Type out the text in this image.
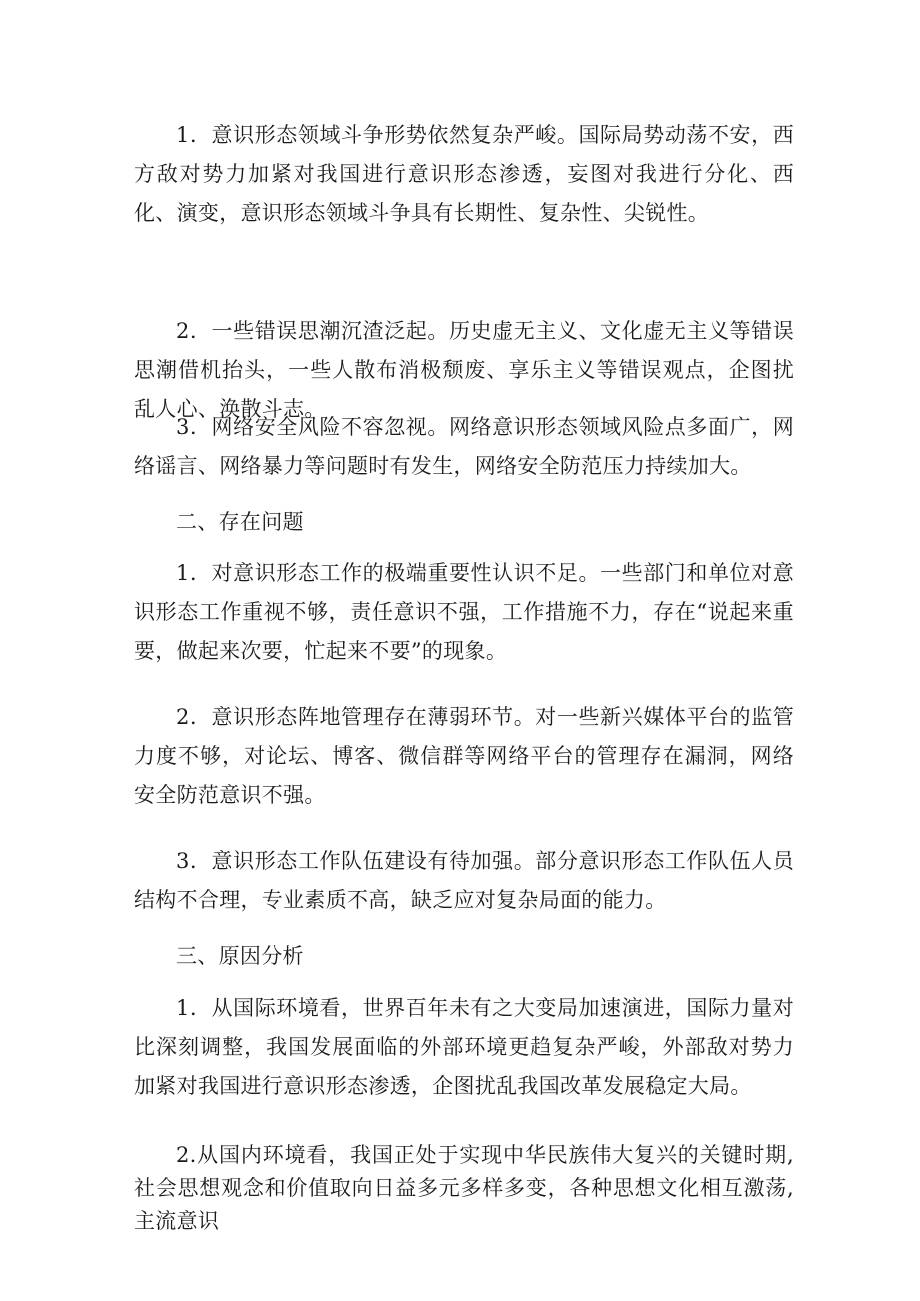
1．意识形态领域斗争形势依然复杂严峻。国际局势动荡不安，西方敌对势力加紧对我国进行意识形态渗透，妄图对我进行分化、西化、演变，意识形态领域斗争具有长期性、复杂性、尖锐性。

2．一些错误思潮沉渣泛起。历史虚无主义、文化虚无主义等错误思潮借机抬头，一些人散布消极颓废、享乐主义等错误观点，企图扰乱人心、涣散斗志。

3．网络安全风险不容忽视。网络意识形态领域风险点多面广，网络谣言、网络暴力等问题时有发生，网络安全防范压力持续加大。

二、存在问题

1．对意识形态工作的极端重要性认识不足。一些部门和单位对意识形态工作重视不够，责任意识不强，工作措施不力，存在“说起来重要，做起来次要，忙起来不要”的现象。

2．意识形态阵地管理存在薄弱环节。对一些新兴媒体平台的监管力度不够，对论坛、博客、微信群等网络平台的管理存在漏洞，网络安全防范意识不强。

3．意识形态工作队伍建设有待加强。部分意识形态工作队伍人员结构不合理，专业素质不高，缺乏应对复杂局面的能力。

三、原因分析

1．从国际环境看，世界百年未有之大变局加速演进，国际力量对比深刻调整，我国发展面临的外部环境更趋复杂严峻，外部敌对势力加紧对我国进行意识形态渗透，企图扰乱我国改革发展稳定大局。

2.从国内环境看，我国正处于实现中华民族伟大复兴的关键时期,社会思想观念和价值取向日益多元多样多变，各种思想文化相互激荡,主流意识
